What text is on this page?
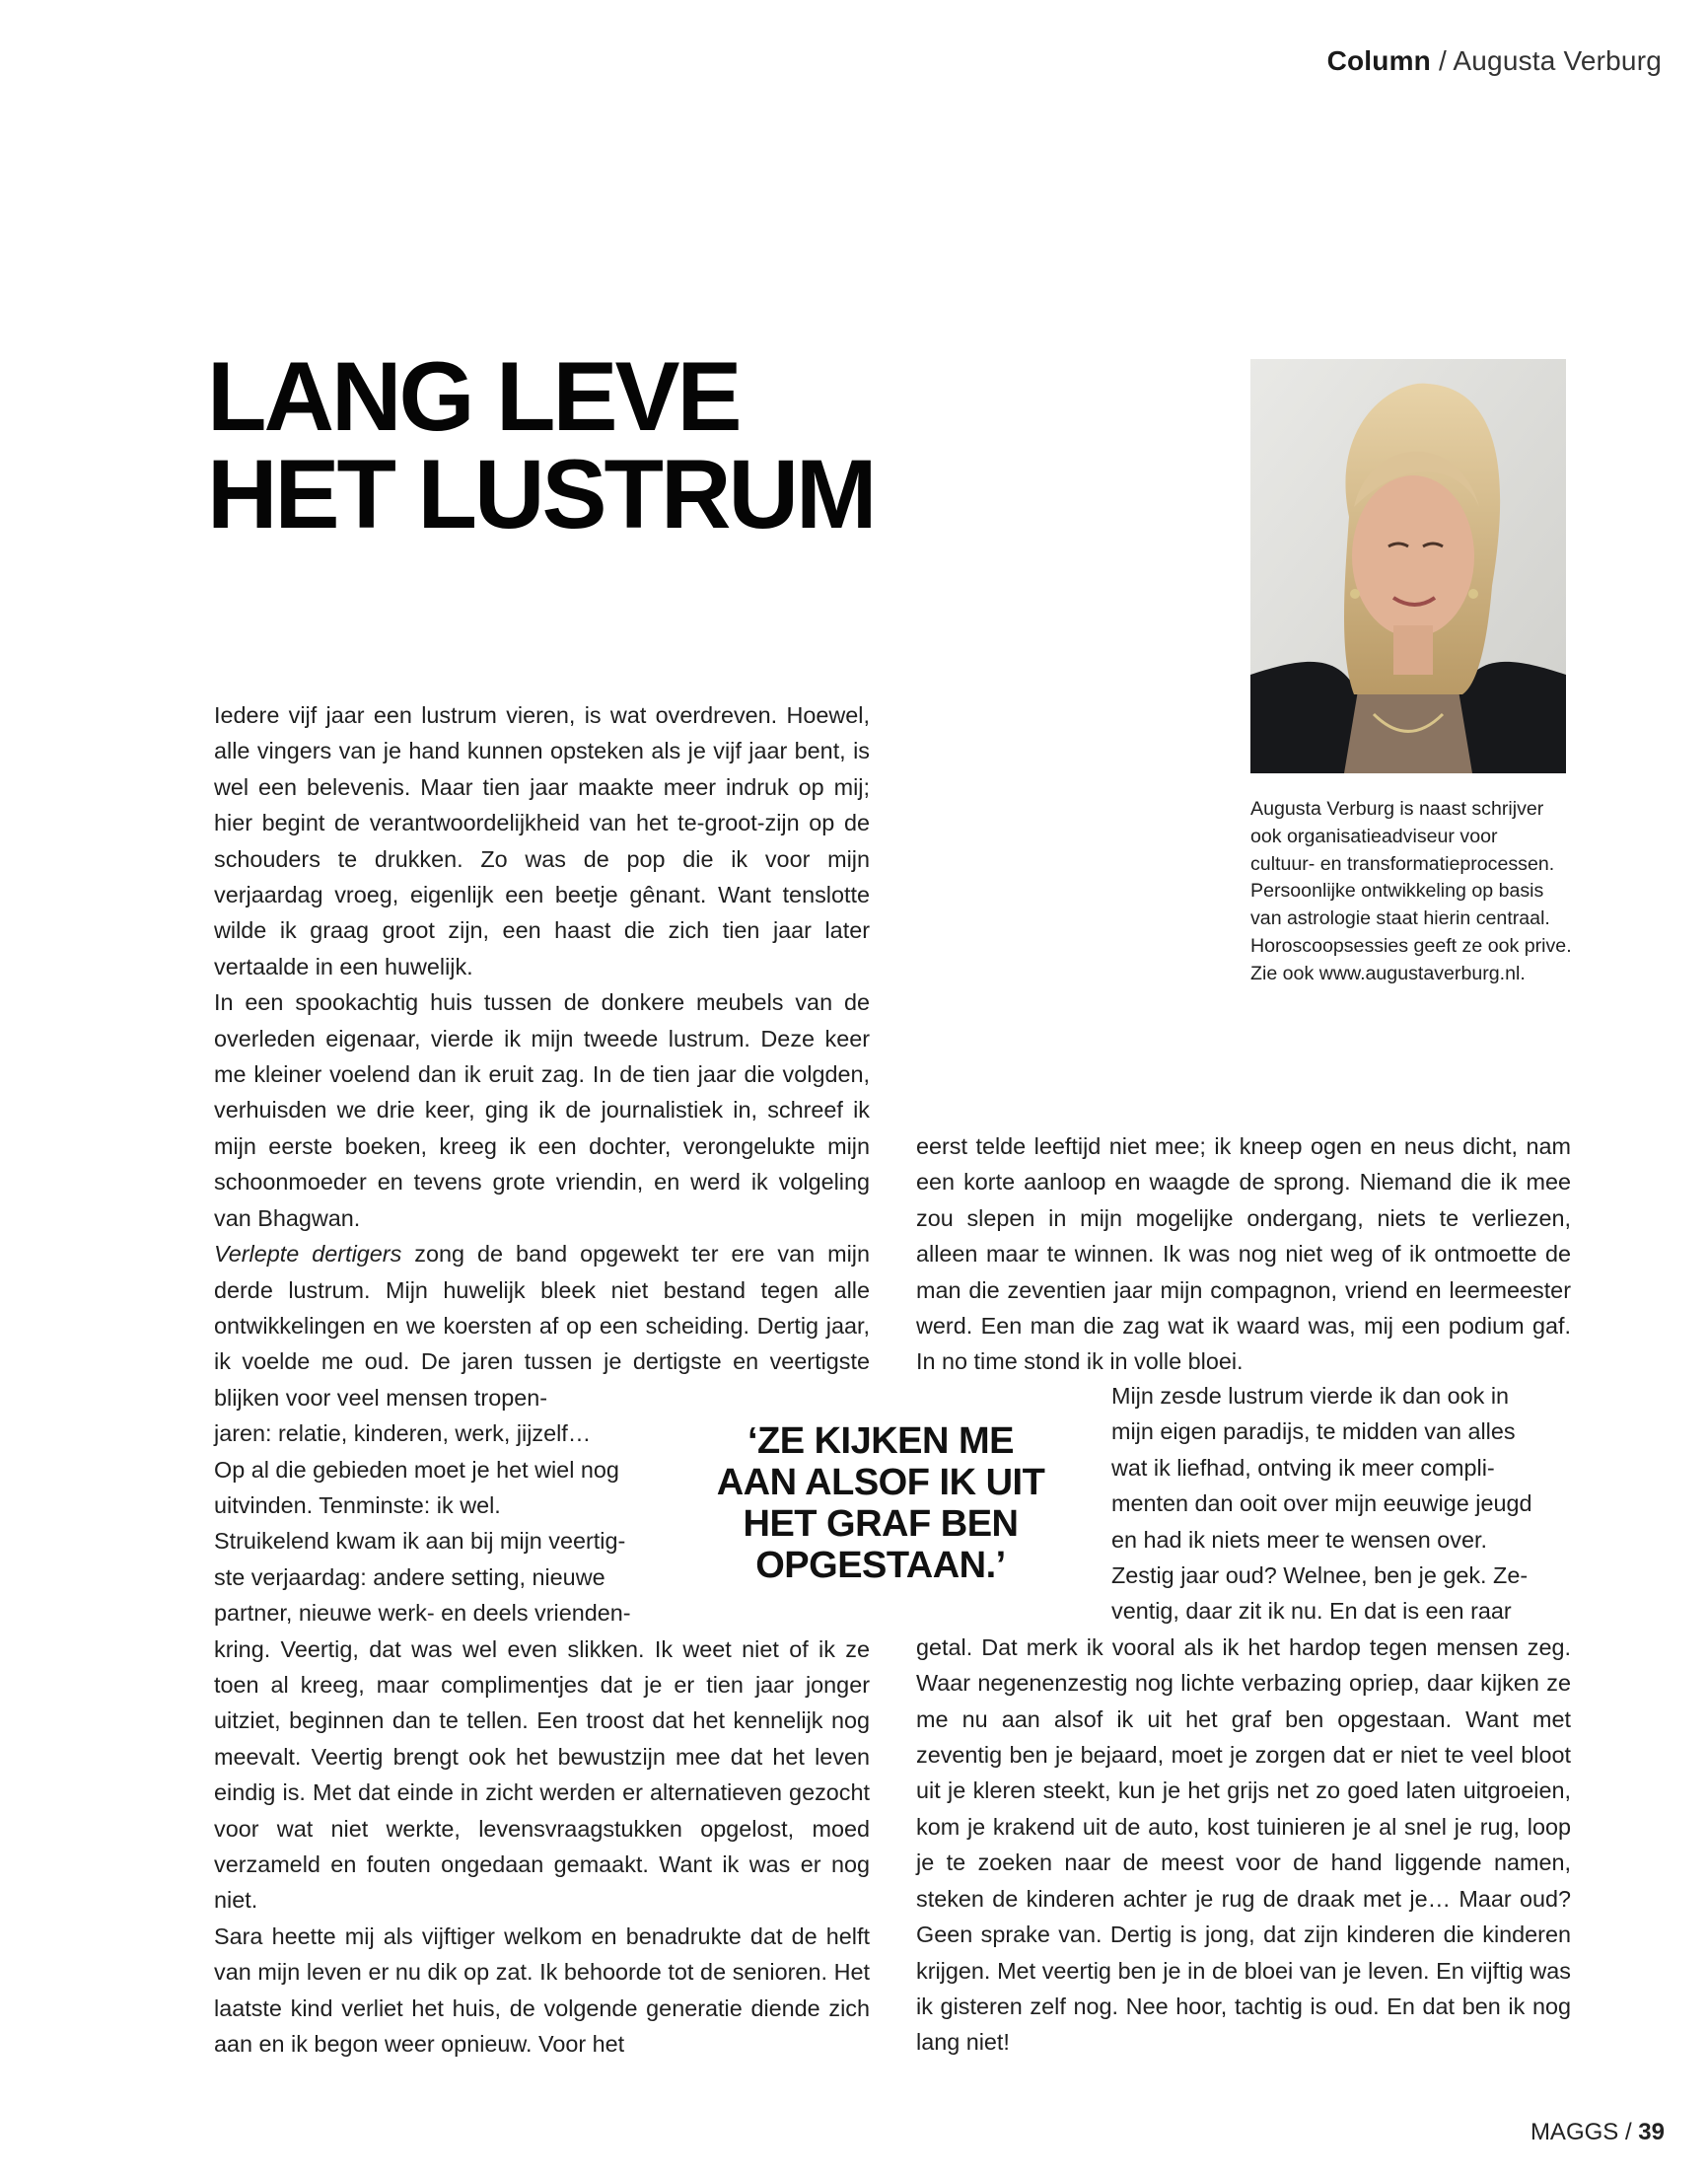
Column / Augusta Verburg
LANG LEVE
HET LUSTRUM

Augusta Verburg is naast schrijver

ook organisatieadviseur voor

cultuur- en transformatieprocessen.

Persoonlijke ontwikkeling op basis

van astrologie staat hierin centraal.

Horoscoopsessies geeft ze ook prive.

Zie ook www.augustaverburg.nl.

Iedere vijf jaar een lustrum vieren, is wat overdreven. Hoewel, alle vingers van je hand kunnen opsteken als je vijf jaar bent, is wel een belevenis. Maar tien jaar maakte meer indruk op mij; hier begint de verantwoordelijkheid van het te-groot-zijn op de schouders te drukken. Zo was de pop die ik voor mijn verjaardag vroeg, eigenlijk een beetje gênant. Want tenslotte wilde ik graag groot zijn, een haast die zich tien jaar later vertaalde in een huwelijk.

In een spookachtig huis tussen de donkere meubels van de overleden eigenaar, vierde ik mijn tweede lustrum. Deze keer me kleiner voelend dan ik eruit zag. In de tien jaar die volgden, verhuisden we drie keer, ging ik de journalistiek in, schreef ik mijn eerste boeken, kreeg ik een dochter, verongelukte mijn schoonmoeder en tevens grote vriendin, en werd ik volgeling van Bhagwan.

Verlepte dertigers zong de band opgewekt ter ere van mijn derde lustrum. Mijn huwelijk bleek niet bestand tegen alle ontwikkelingen en we koersten af op een scheiding. Dertig jaar, ik voelde me oud. De jaren tussen je dertigste en veertigste blijken voor veel mensen tropen-

jaren: relatie, kinderen, werk, jijzelf…

Op al die gebieden moet je het wiel nog

uitvinden. Tenminste: ik wel.

Struikelend kwam ik aan bij mijn veertig-

ste verjaardag: andere setting, nieuwe

partner, nieuwe werk- en deels vrienden-

kring. Veertig, dat was wel even slikken. Ik weet niet of ik ze toen al kreeg, maar complimentjes dat je er tien jaar jonger uitziet, beginnen dan te tellen. Een troost dat het kennelijk nog meevalt. Veertig brengt ook het bewustzijn mee dat het leven eindig is. Met dat einde in zicht werden er alternatieven gezocht voor wat niet werkte, levensvraagstukken opgelost, moed verzameld en fouten ongedaan gemaakt. Want ik was er nog niet.

Sara heette mij als vijftiger welkom en benadrukte dat de helft van mijn leven er nu dik op zat. Ik behoorde tot de senioren. Het laatste kind verliet het huis, de volgende generatie diende zich aan en ik begon weer opnieuw. Voor het

‘ZE KIJKEN ME
AAN ALSOF IK UIT
HET GRAF BEN
OPGESTAAN.’

eerst telde leeftijd niet mee; ik kneep ogen en neus dicht, nam een korte aanloop en waagde de sprong. Niemand die ik mee zou slepen in mijn mogelijke ondergang, niets te verliezen, alleen maar te winnen. Ik was nog niet weg of ik ontmoette de man die zeventien jaar mijn compagnon, vriend en leermeester werd. Een man die zag wat ik waard was, mij een podium gaf. In no time stond ik in volle bloei.

Mijn zesde lustrum vierde ik dan ook in

mijn eigen paradijs, te midden van alles

wat ik liefhad, ontving ik meer compli-

menten dan ooit over mijn eeuwige jeugd

en had ik niets meer te wensen over.

Zestig jaar oud? Welnee, ben je gek. Ze-

ventig, daar zit ik nu. En dat is een raar

getal. Dat merk ik vooral als ik het hardop tegen mensen zeg. Waar negenenzestig nog lichte verbazing opriep, daar kijken ze me nu aan alsof ik uit het graf ben opgestaan. Want met zeventig ben je bejaard, moet je zorgen dat er niet te veel bloot uit je kleren steekt, kun je het grijs net zo goed laten uitgroeien, kom je krakend uit de auto, kost tuinieren je al snel je rug, loop je te zoeken naar de meest voor de hand liggende namen, steken de kinderen achter je rug de draak met je… Maar oud? Geen sprake van. Dertig is jong, dat zijn kinderen die kinderen krijgen. Met veertig ben je in de bloei van je leven. En vijftig was ik gisteren zelf nog. Nee hoor, tachtig is oud. En dat ben ik nog lang niet!

MAGGS / 39
